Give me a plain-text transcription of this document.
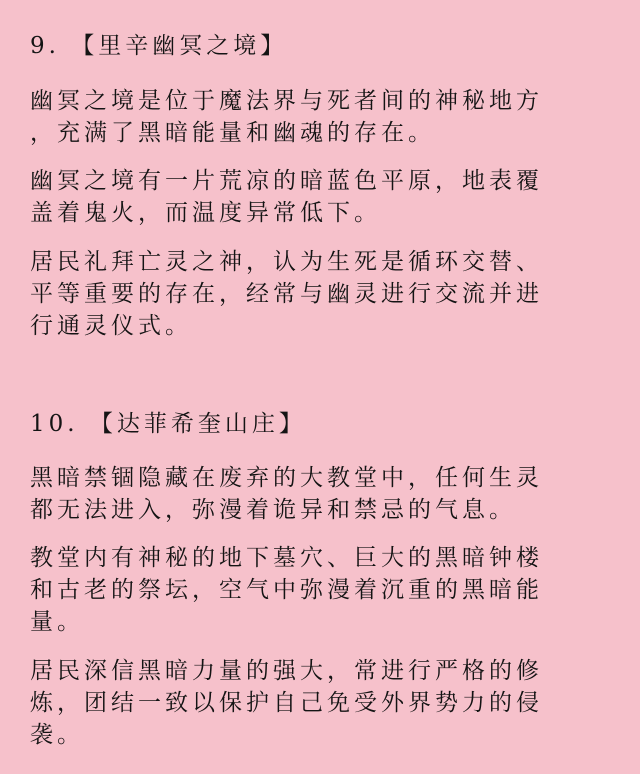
9. 【里辛幽冥之境】
幽冥之境是位于魔法界与死者间的神秘地方
，充满了黑暗能量和幽魂的存在。
幽冥之境有一片荒凉的暗蓝色平原，地表覆
盖着鬼火，而温度异常低下。
居民礼拜亡灵之神，认为生死是循环交替、
平等重要的存在，经常与幽灵进行交流并进
行通灵仪式。
10. 【达菲希奎山庄】
黑暗禁锢隐藏在废弃的大教堂中，任何生灵
都无法进入，弥漫着诡异和禁忌的气息。
教堂内有神秘的地下墓穴、巨大的黑暗钟楼
和古老的祭坛，空气中弥漫着沉重的黑暗能
量。
居民深信黑暗力量的强大，常进行严格的修
炼，团结一致以保护自己免受外界势力的侵
袭。
